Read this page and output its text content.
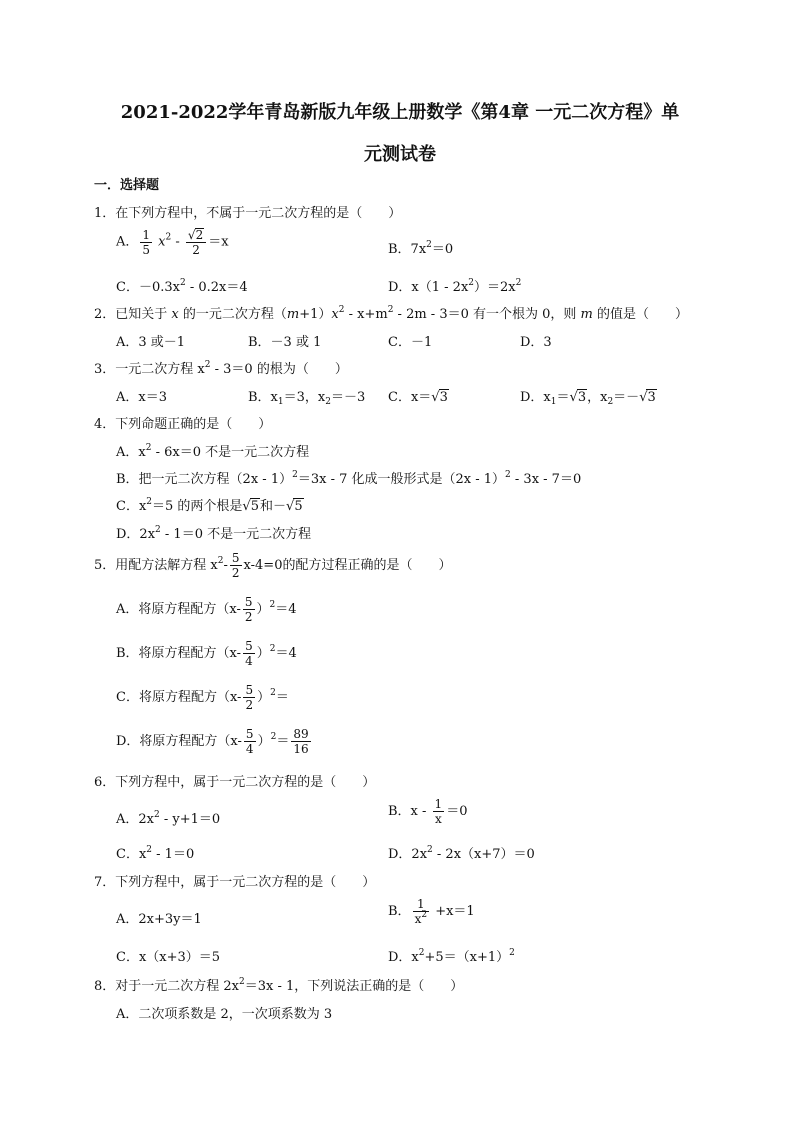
2021-2022学年青岛新版九年级上册数学《第4章 一元二次方程》单
元测试卷
一．选择题
1．在下列方程中，不属于一元二次方程的是（　　）
A． $\frac{1}{5} x^2 - \frac{√2}{2} =x$	B．$7x^2=0$
C．$-0.3x^2 - 0.2x=4$	D．$x(1 - 2x^2)=2x^2$
2．已知关于 x 的一元二次方程$(m+1)x^2 - x+m^2 - 2m - 3=0$ 有一个根为 0，则 m 的值是（　　）
A．3 或－1	B．－3 或 1	C．－1	D．3
3．一元二次方程 $x^2 - 3=0$ 的根为（　　）
A．x＝3	B．$x_1=3$，$x_2=-3$ C．x＝√3	D．$x_1=√3$，$x_2=-√3$
4．下列命题正确的是（　　）
A．$x^2 - 6x=0$ 不是一元二次方程
B．把一元二次方程（2x - 1）$^2$＝3x - 7 化成一般形式是（2x - 1）$^2$ - 3x - 7＝0
C．$x^2=5$ 的两个根是√5和－√5
D．$2x^2 - 1=0$ 不是一元二次方程
5．用配方法解方程 $x^2- \frac{5}{2} x-4=0$的配方过程正确的是（　　）
A．将原方程配方$(x- \frac{5}{2} )^2=4$
B．将原方程配方$(x- \frac{5}{4} )^2=4$
C．将原方程配方$(x- \frac{5}{2} )^2=$
D．将原方程配方$(x- \frac{5}{4} )^2= \frac{89}{16}$
6．下列方程中，属于一元二次方程的是（　　）
A．$2x^2 - y+1=0$
B．$x - \frac{1}{x} =0$
C．$x^2 - 1=0$	D．$2x^2 - 2x(x+7)=0$
7．下列方程中，属于一元二次方程的是（　　）
A．2x+3y＝1
B． $\frac{1}{x^2} +x=1$
C．x（x+3）＝5	D．$x^2+5=(x+1)^2$
8．对于一元二次方程 $2x^2=3x - 1$，下列说法正确的是（　　）
A．二次项系数是 2，一次项系数为 3
